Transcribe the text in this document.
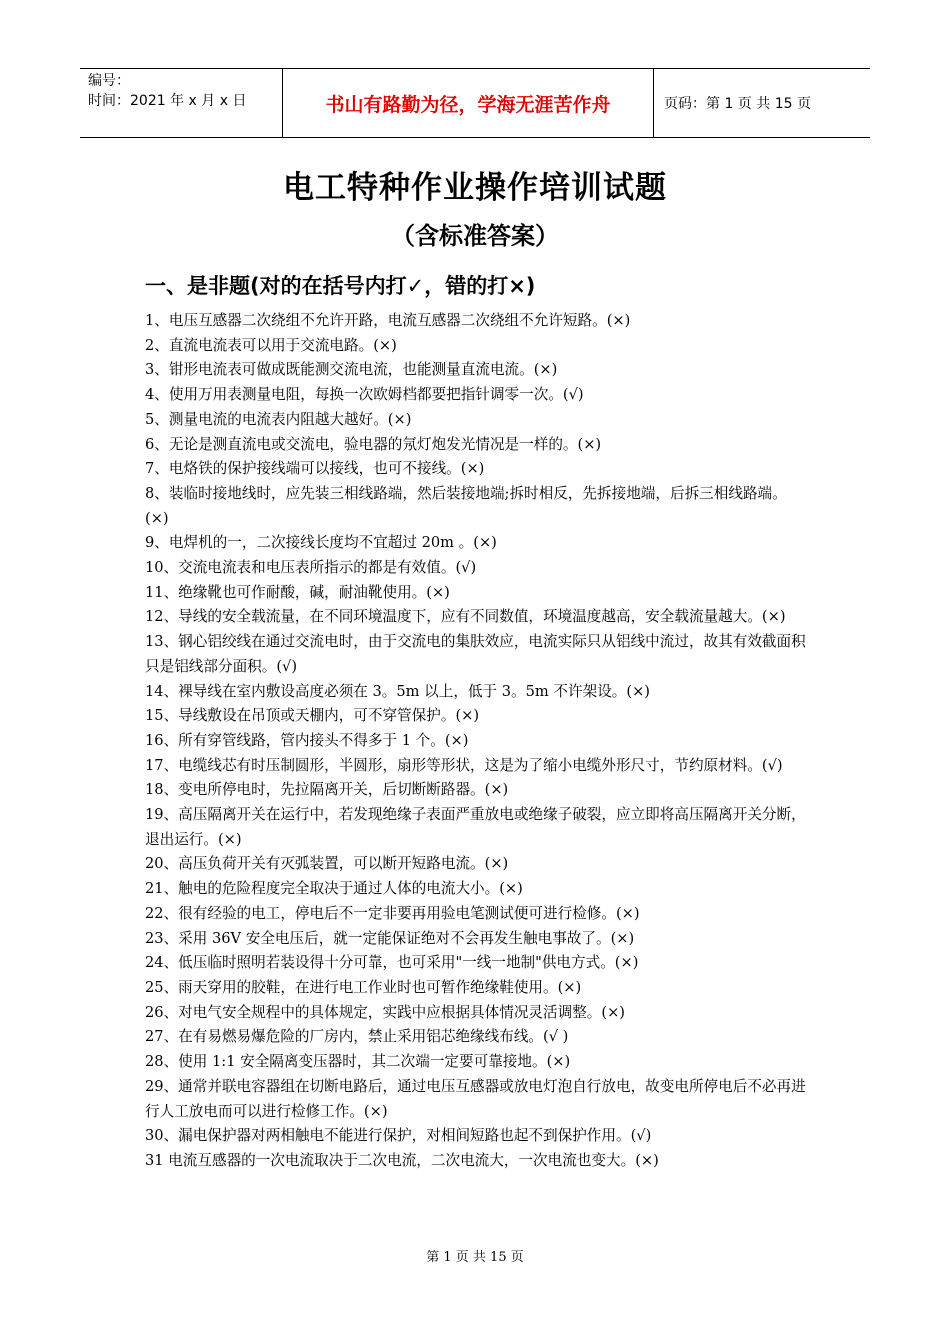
编号：
时间：2021 年 x 月 x 日	书山有路勤为径，学海无涯苦作舟	页码：第 1 页 共 15 页
电工特种作业操作培训试题
（含标准答案）
一、是非题(对的在括号内打✓，错的打×)

1、电压互感器二次绕组不允许开路，电流互感器二次绕组不允许短路。(×)

2、直流电流表可以用于交流电路。(×)

3、钳形电流表可做成既能测交流电流，也能测量直流电流。(×)

4、使用万用表测量电阻，每换一次欧姆档都要把指针调零一次。(√)

5、测量电流的电流表内阻越大越好。(×)

6、无论是测直流电或交流电，验电器的氖灯炮发光情况是一样的。(×)

7、电烙铁的保护接线端可以接线，也可不接线。(×)

8、装临时接地线时，应先装三相线路端，然后装接地端;拆时相反，先拆接地端，后拆三相线路端。(×)

9、电焊机的一，二次接线长度均不宜超过 20m 。(×)

10、交流电流表和电压表所指示的都是有效值。(√)

11、绝缘靴也可作耐酸，碱，耐油靴使用。(×)

12、导线的安全载流量，在不同环境温度下，应有不同数值，环境温度越高，安全载流量越大。(×)

13、钢心铝绞线在通过交流电时，由于交流电的集肤效应，电流实际只从铝线中流过，故其有效截面积只是铝线部分面积。(√)

14、裸导线在室内敷设高度必须在 3。5m 以上，低于 3。5m 不许架设。(×)

15、导线敷设在吊顶或天棚内，可不穿管保护。(×)

16、所有穿管线路，管内接头不得多于 1 个。(×)

17、电缆线芯有时压制圆形，半圆形，扇形等形状，这是为了缩小电缆外形尺寸，节约原材料。(√)

18、变电所停电时，先拉隔离开关，后切断断路器。(×)

19、高压隔离开关在运行中，若发现绝缘子表面严重放电或绝缘子破裂，应立即将高压隔离开关分断，退出运行。(×)

20、高压负荷开关有灭弧装置，可以断开短路电流。(×)

21、触电的危险程度完全取决于通过人体的电流大小。(×)

22、很有经验的电工，停电后不一定非要再用验电笔测试便可进行检修。(×)

23、采用 36V 安全电压后，就一定能保证绝对不会再发生触电事故了。(×)

24、低压临时照明若装设得十分可靠，也可采用"一线一地制"供电方式。(×)

25、雨天穿用的胶鞋，在进行电工作业时也可暂作绝缘鞋使用。(×)

26、对电气安全规程中的具体规定，实践中应根据具体情况灵活调整。(×)

27、在有易燃易爆危险的厂房内，禁止采用铝芯绝缘线布线。(√ )

28、使用 1:1 安全隔离变压器时，其二次端一定要可靠接地。(×)

29、通常并联电容器组在切断电路后，通过电压互感器或放电灯泡自行放电，故变电所停电后不必再进行人工放电而可以进行检修工作。(×)

30、漏电保护器对两相触电不能进行保护，对相间短路也起不到保护作用。(√)

31 电流互感器的一次电流取决于二次电流，二次电流大，一次电流也变大。(×)

第 1 页 共 15 页
